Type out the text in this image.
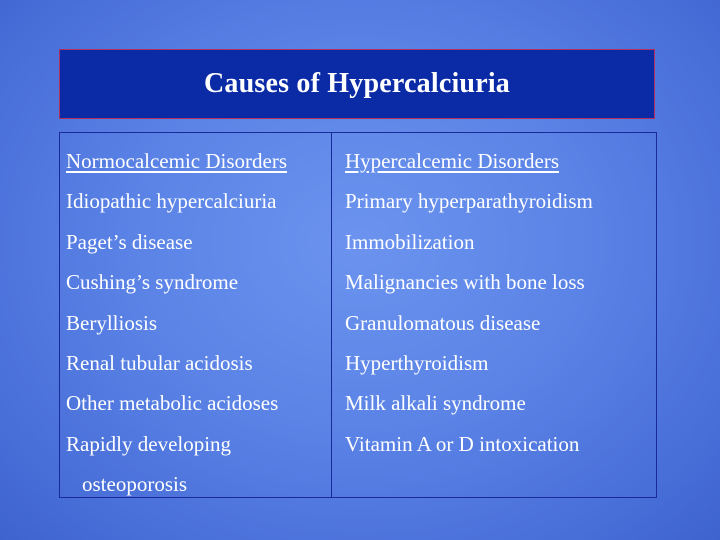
Causes of Hypercalciuria
Normocalcemic Disorders
Idiopathic hypercalciuria
Paget’s disease
Cushing’s syndrome
Berylliosis
Renal tubular acidosis
Other metabolic acidoses
Rapidly developing
osteoporosis
Hypercalcemic Disorders
Primary hyperparathyroidism
Immobilization
Malignancies with bone loss
Granulomatous disease
Hyperthyroidism
Milk alkali syndrome
Vitamin A or D intoxication
